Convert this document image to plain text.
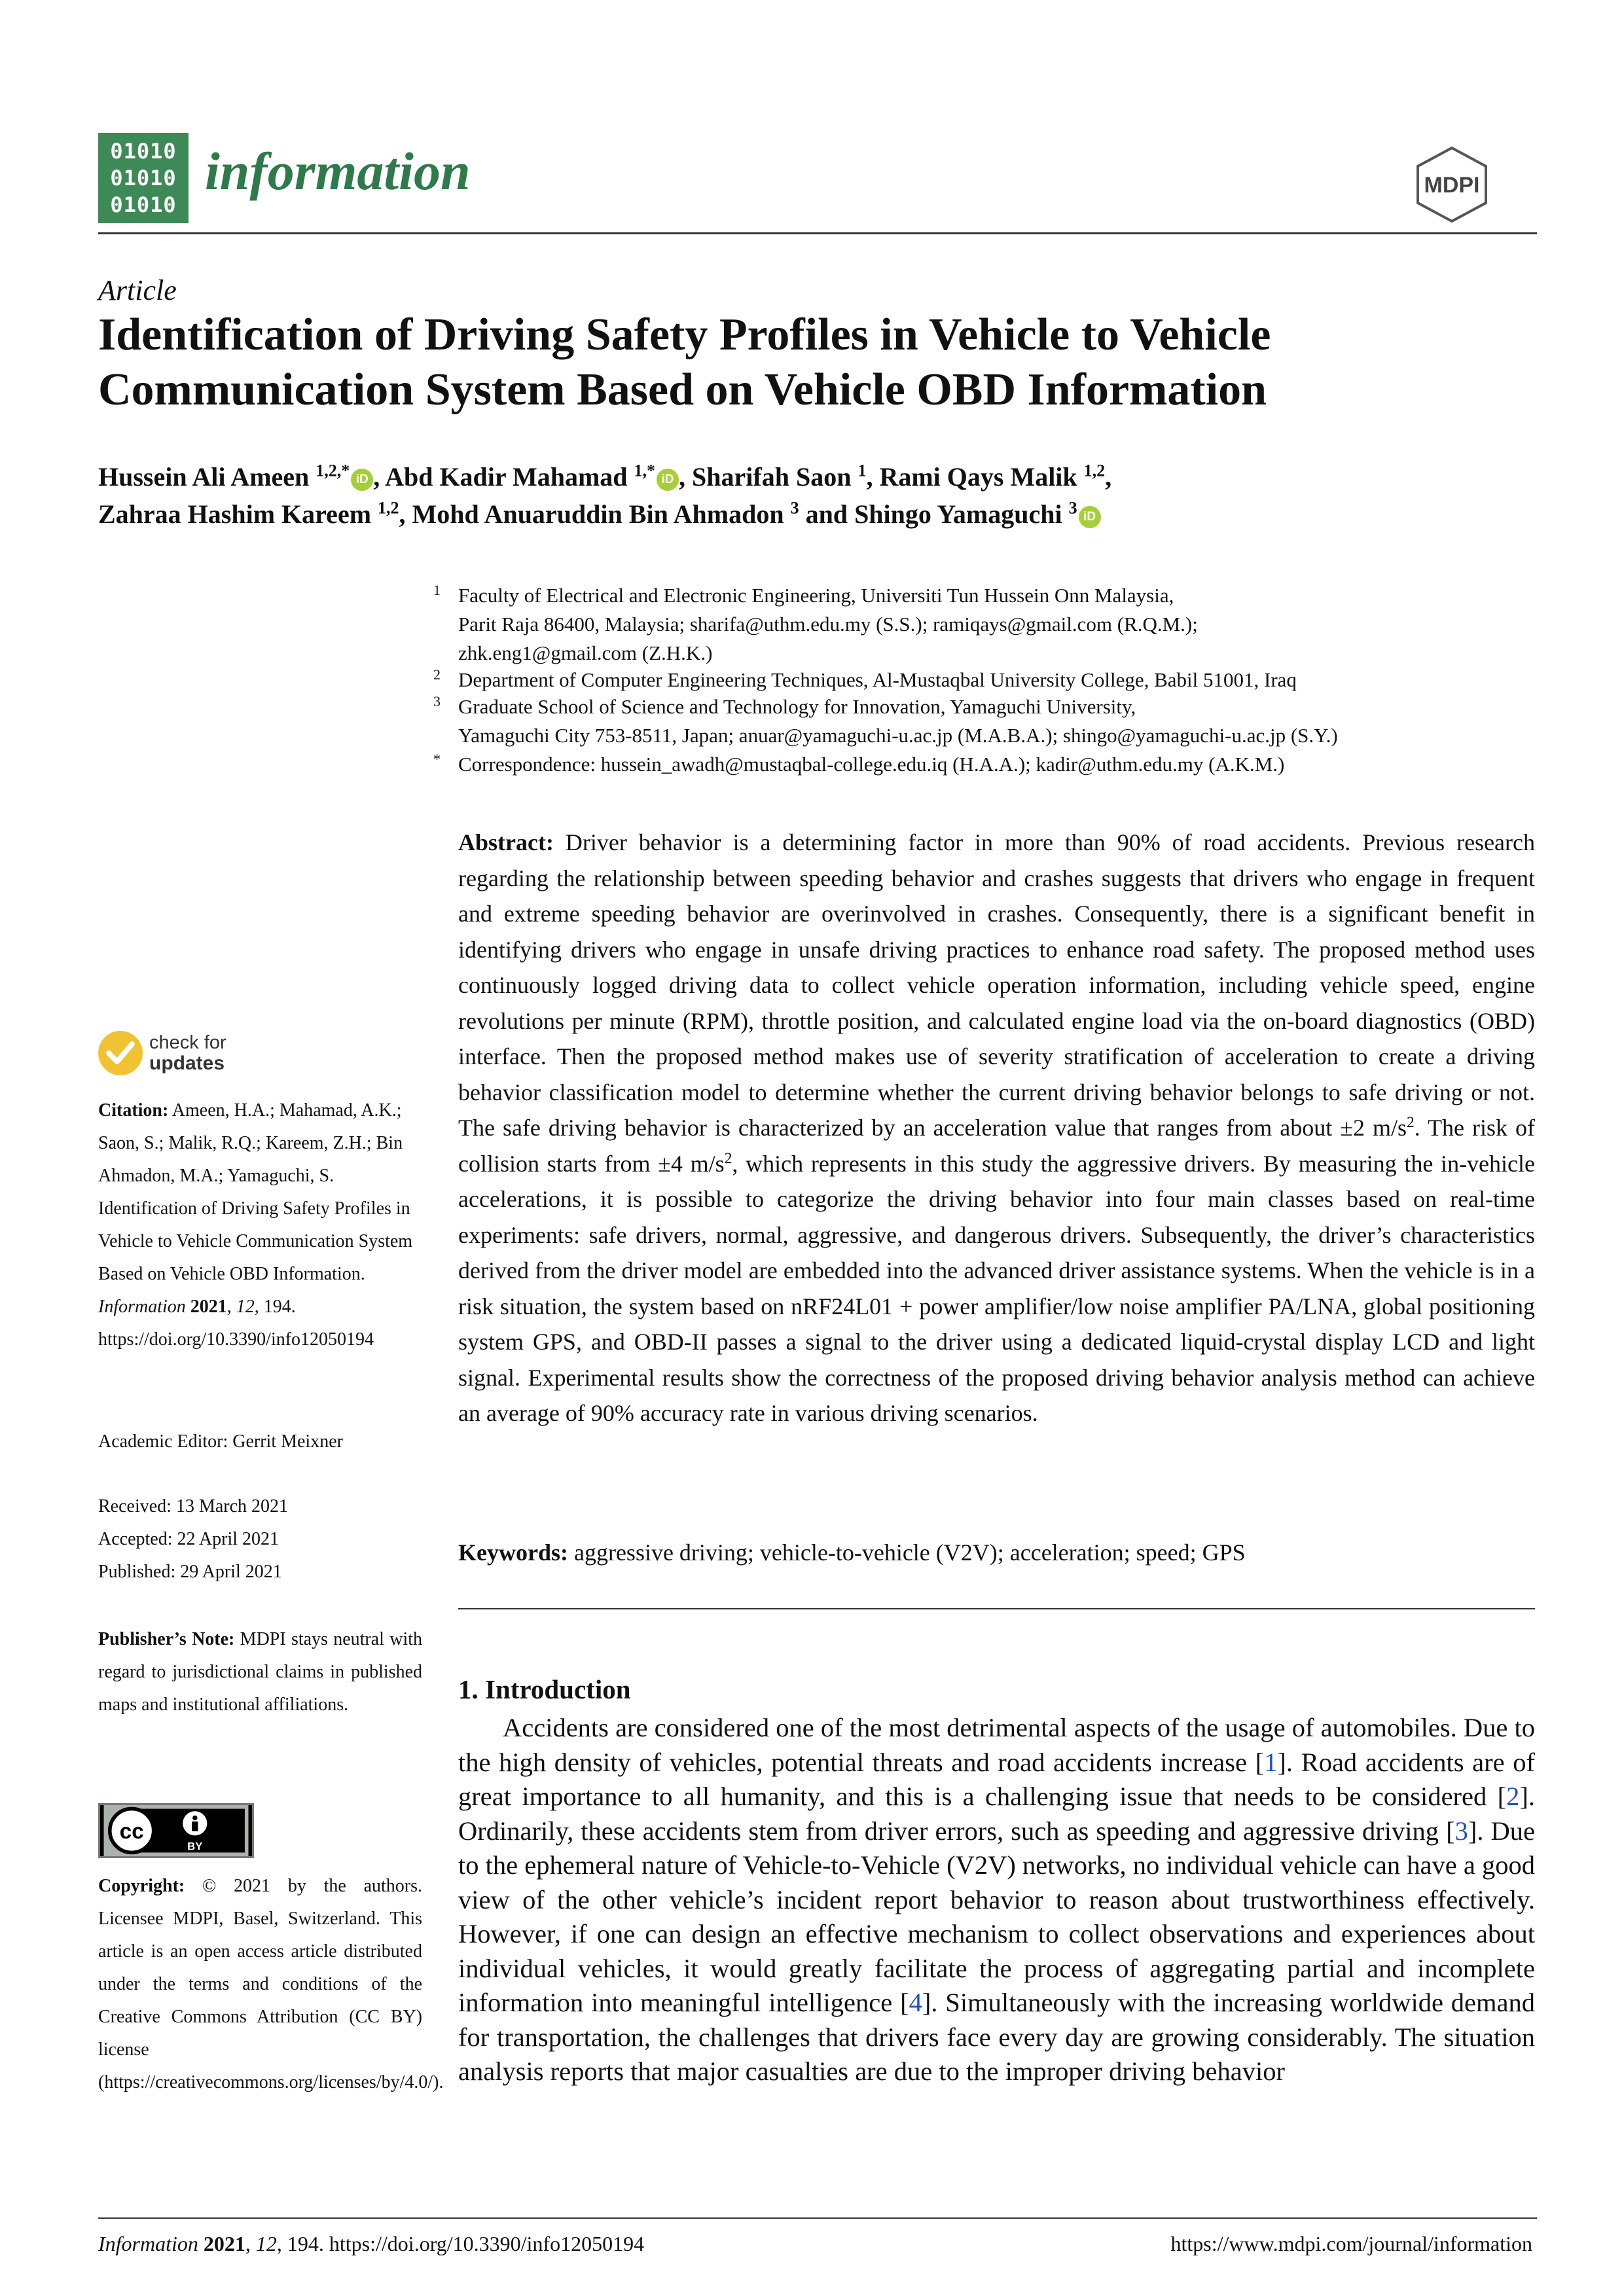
01010
01010
01010
information	MDPI
Article
Identification of Driving Safety Profiles in Vehicle to Vehicle Communication System Based on Vehicle OBD Information
Hussein Ali Ameen $^{1,2,*}$ iD , Abd Kadir Mahamad $^{1,*}$ iD , Sharifah Saon $^1$, Rami Qays Malik $^{1,2}$,
Zahraa Hashim Kareem $^{1,2}$, Mohd Anuaruddin Bin Ahmadon $^3$ and Shingo Yamaguchi $^3$ iD
1 Faculty of Electrical and Electronic Engineering, Universiti Tun Hussein Onn Malaysia,
Parit Raja 86400, Malaysia; sharifa@uthm.edu.my (S.S.); ramiqays@gmail.com (R.Q.M.);
zhk.eng1@gmail.com (Z.H.K.)
2 Department of Computer Engineering Techniques, Al-Mustaqbal University College, Babil 51001, Iraq
3 Graduate School of Science and Technology for Innovation, Yamaguchi University,
Yamaguchi City 753-8511, Japan; anuar@yamaguchi-u.ac.jp (M.A.B.A.); shingo@yamaguchi-u.ac.jp (S.Y.)
* Correspondence: hussein_awadh@mustaqbal-college.edu.iq (H.A.A.); kadir@uthm.edu.my (A.K.M.)

Abstract: Driver behavior is a determining factor in more than 90% of road accidents. Previous research regarding the relationship between speeding behavior and crashes suggests that drivers who engage in frequent and extreme speeding behavior are overinvolved in crashes. Consequently, there is a significant benefit in identifying drivers who engage in unsafe driving practices to enhance road safety. The proposed method uses continuously logged driving data to collect vehicle operation information, including vehicle speed, engine revolutions per minute (RPM), throttle position, and calculated engine load via the on-board diagnostics (OBD) interface. Then the proposed method makes use of severity stratification of acceleration to create a driving behavior classification model to determine whether the current driving behavior belongs to safe driving or not. The safe driving behavior is characterized by an acceleration value that ranges from about ±2 $m/s^2$. The risk of collision starts from ±4 $m/s^2$, which represents in this study the aggressive drivers. By measuring the in-vehicle accelerations, it is possible to categorize the driving behavior into four main classes based on real-time experiments: safe drivers, normal, aggressive, and dangerous drivers. Subsequently, the driver’s characteristics derived from the driver model are embedded into the advanced driver assistance systems. When the vehicle is in a risk situation, the system based on nRF24L01 + power amplifier/low noise amplifier PA/LNA, global positioning system GPS, and OBD-II passes a signal to the driver using a dedicated liquid-crystal display LCD and light signal. Experimental results show the correctness of the proposed driving behavior analysis method can achieve an average of 90% accuracy rate in various driving scenarios.

Keywords: aggressive driving; vehicle-to-vehicle (V2V); acceleration; speed; GPS
1. Introduction

Accidents are considered one of the most detrimental aspects of the usage of automobiles. Due to the high density of vehicles, potential threats and road accidents increase [1]. Road accidents are of great importance to all humanity, and this is a challenging issue that needs to be considered [2]. Ordinarily, these accidents stem from driver errors, such as speeding and aggressive driving [3]. Due to the ephemeral nature of Vehicle-to-Vehicle (V2V) networks, no individual vehicle can have a good view of the other vehicle’s incident report behavior to reason about trustworthiness effectively. However, if one can design an effective mechanism to collect observations and experiences about individual vehicles, it would greatly facilitate the process of aggregating partial and incomplete information into meaningful intelligence [4]. Simultaneously with the increasing worldwide demand for transportation, the challenges that drivers face every day are growing considerably. The situation analysis reports that major casualties are due to the improper driving behavior

check for
updates
Citation: Ameen, H.A.; Mahamad, A.K.; Saon, S.; Malik, R.Q.; Kareem, Z.H.; Bin Ahmadon, M.A.; Yamaguchi, S. Identification of Driving Safety Profiles in Vehicle to Vehicle Communication System Based on Vehicle OBD Information. Information 2021, 12, 194. https://doi.org/10.3390/info12050194
Academic Editor: Gerrit Meixner
Received: 13 March 2021
Accepted: 22 April 2021
Published: 29 April 2021
Publisher’s Note: MDPI stays neutral with regard to jurisdictional claims in published maps and institutional affiliations.
cc
BY
Copyright: © 2021 by the authors. Licensee MDPI, Basel, Switzerland. This article is an open access article distributed under the terms and conditions of the Creative Commons Attribution (CC BY) license (https://creativecommons.org/licenses/by/4.0/).
Information 2021, 12, 194. https://doi.org/10.3390/info12050194	https://www.mdpi.com/journal/information
